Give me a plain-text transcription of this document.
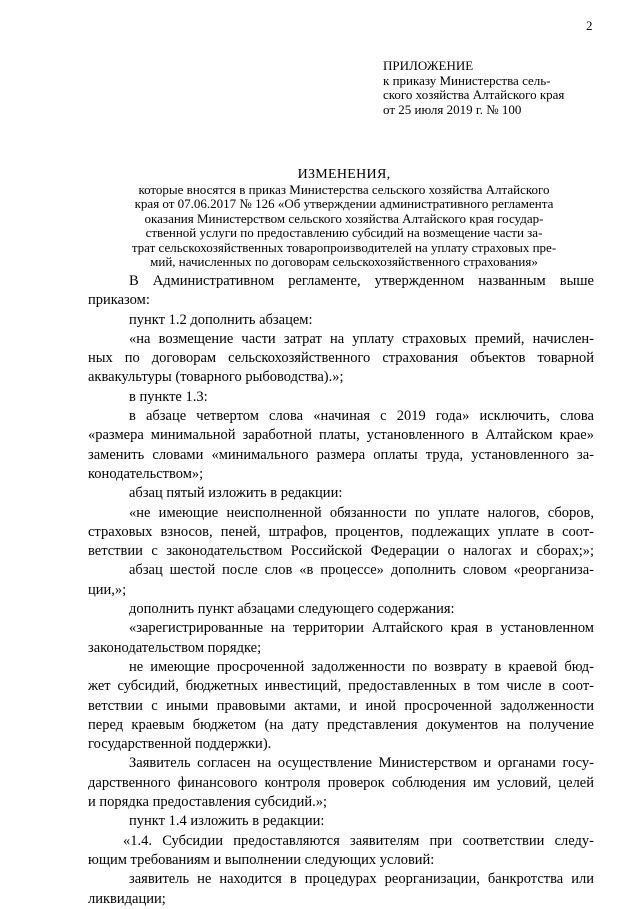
2
ПРИЛОЖЕНИЕ
к приказу Министерства сель-
ского хозяйства Алтайского края
от 25 июля 2019 г. № 100
ИЗМЕНЕНИЯ,
которые вносятся в приказ Министерства сельского хозяйства Алтайского
края от 07.06.2017 № 126 «Об утверждении административного регламента
оказания Министерством сельского хозяйства Алтайского края государ-
ственной услуги по предоставлению субсидий на возмещение части за-
трат сельскохозяйственных товаропроизводителей на уплату страховых пре-
мий, начисленных по договорам сельскохозяйственного страхования»

В Административном регламенте, утвержденном названным выше
приказом:

пункт 1.2 дополнить абзацем:

«на возмещение части затрат на уплату страховых премий, начислен-
ных по договорам сельскохозяйственного страхования объектов товарной
аквакультуры (товарного рыбоводства).»;

в пункте 1.3:

в абзаце четвертом слова «начиная с 2019 года» исключить, слова
«размера минимальной заработной платы, установленного в Алтайском крае»
заменить словами «минимального размера оплаты труда, установленного за-
конодательством»;

абзац пятый изложить в редакции:

«не имеющие неисполненной обязанности по уплате налогов, сборов,
страховых взносов, пеней, штрафов, процентов, подлежащих уплате в соот-
ветствии с законодательством Российской Федерации о налогах и сборах;»;

абзац шестой после слов «в процессе» дополнить словом «реорганиза-
ции,»;

дополнить пункт абзацами следующего содержания:

«зарегистрированные на территории Алтайского края в установленном
законодательством порядке;

не имеющие просроченной задолженности по возврату в краевой бюд-
жет субсидий, бюджетных инвестиций, предоставленных в том числе в соот-
ветствии с иными правовыми актами, и иной просроченной задолженности
перед краевым бюджетом (на дату представления документов на получение
государственной поддержки).

Заявитель согласен на осуществление Министерством и органами госу-
дарственного финансового контроля проверок соблюдения им условий, целей
и порядка предоставления субсидий.»;

пункт 1.4 изложить в редакции:

«1.4. Субсидии предоставляются заявителям при соответствии следу-
ющим требованиям и выполнении следующих условий:

заявитель не находится в процедурах реорганизации, банкротства или
ликвидации;
